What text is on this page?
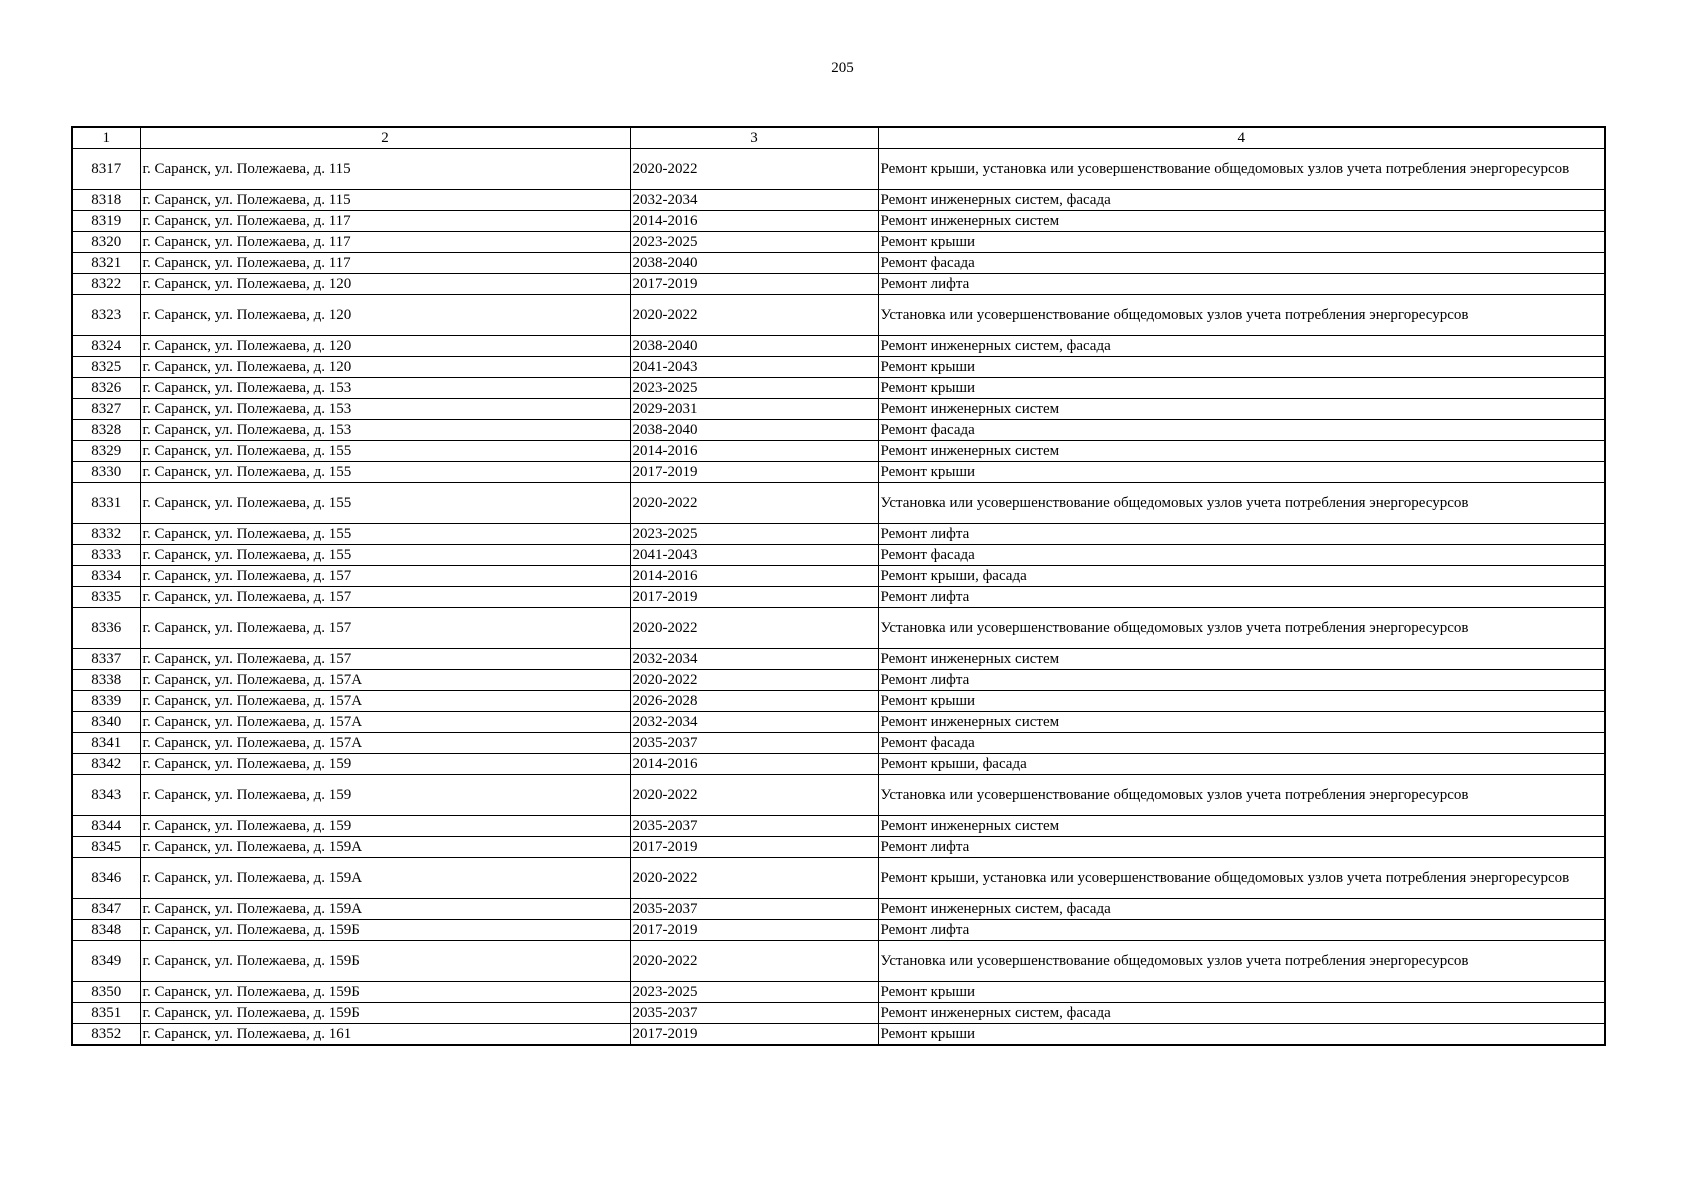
205
1	2	3	4
8317	г. Саранск, ул. Полежаева, д. 115	2020-2022	Ремонт крыши, установка или усовершенствование общедомовых узлов учета потребления энергоресурсов
8318	г. Саранск, ул. Полежаева, д. 115	2032-2034	Ремонт инженерных систем, фасада
8319	г. Саранск, ул. Полежаева, д. 117	2014-2016	Ремонт инженерных систем
8320	г. Саранск, ул. Полежаева, д. 117	2023-2025	Ремонт крыши
8321	г. Саранск, ул. Полежаева, д. 117	2038-2040	Ремонт фасада
8322	г. Саранск, ул. Полежаева, д. 120	2017-2019	Ремонт лифта
8323	г. Саранск, ул. Полежаева, д. 120	2020-2022	Установка или усовершенствование общедомовых узлов учета потребления энергоресурсов
8324	г. Саранск, ул. Полежаева, д. 120	2038-2040	Ремонт инженерных систем, фасада
8325	г. Саранск, ул. Полежаева, д. 120	2041-2043	Ремонт крыши
8326	г. Саранск, ул. Полежаева, д. 153	2023-2025	Ремонт крыши
8327	г. Саранск, ул. Полежаева, д. 153	2029-2031	Ремонт инженерных систем
8328	г. Саранск, ул. Полежаева, д. 153	2038-2040	Ремонт фасада
8329	г. Саранск, ул. Полежаева, д. 155	2014-2016	Ремонт инженерных систем
8330	г. Саранск, ул. Полежаева, д. 155	2017-2019	Ремонт крыши
8331	г. Саранск, ул. Полежаева, д. 155	2020-2022	Установка или усовершенствование общедомовых узлов учета потребления энергоресурсов
8332	г. Саранск, ул. Полежаева, д. 155	2023-2025	Ремонт лифта
8333	г. Саранск, ул. Полежаева, д. 155	2041-2043	Ремонт фасада
8334	г. Саранск, ул. Полежаева, д. 157	2014-2016	Ремонт крыши, фасада
8335	г. Саранск, ул. Полежаева, д. 157	2017-2019	Ремонт лифта
8336	г. Саранск, ул. Полежаева, д. 157	2020-2022	Установка или усовершенствование общедомовых узлов учета потребления энергоресурсов
8337	г. Саранск, ул. Полежаева, д. 157	2032-2034	Ремонт инженерных систем
8338	г. Саранск, ул. Полежаева, д. 157А	2020-2022	Ремонт лифта
8339	г. Саранск, ул. Полежаева, д. 157А	2026-2028	Ремонт крыши
8340	г. Саранск, ул. Полежаева, д. 157А	2032-2034	Ремонт инженерных систем
8341	г. Саранск, ул. Полежаева, д. 157А	2035-2037	Ремонт фасада
8342	г. Саранск, ул. Полежаева, д. 159	2014-2016	Ремонт крыши, фасада
8343	г. Саранск, ул. Полежаева, д. 159	2020-2022	Установка или усовершенствование общедомовых узлов учета потребления энергоресурсов
8344	г. Саранск, ул. Полежаева, д. 159	2035-2037	Ремонт инженерных систем
8345	г. Саранск, ул. Полежаева, д. 159А	2017-2019	Ремонт лифта
8346	г. Саранск, ул. Полежаева, д. 159А	2020-2022	Ремонт крыши, установка или усовершенствование общедомовых узлов учета потребления энергоресурсов
8347	г. Саранск, ул. Полежаева, д. 159А	2035-2037	Ремонт инженерных систем, фасада
8348	г. Саранск, ул. Полежаева, д. 159Б	2017-2019	Ремонт лифта
8349	г. Саранск, ул. Полежаева, д. 159Б	2020-2022	Установка или усовершенствование общедомовых узлов учета потребления энергоресурсов
8350	г. Саранск, ул. Полежаева, д. 159Б	2023-2025	Ремонт крыши
8351	г. Саранск, ул. Полежаева, д. 159Б	2035-2037	Ремонт инженерных систем, фасада
8352	г. Саранск, ул. Полежаева, д. 161	2017-2019	Ремонт крыши
